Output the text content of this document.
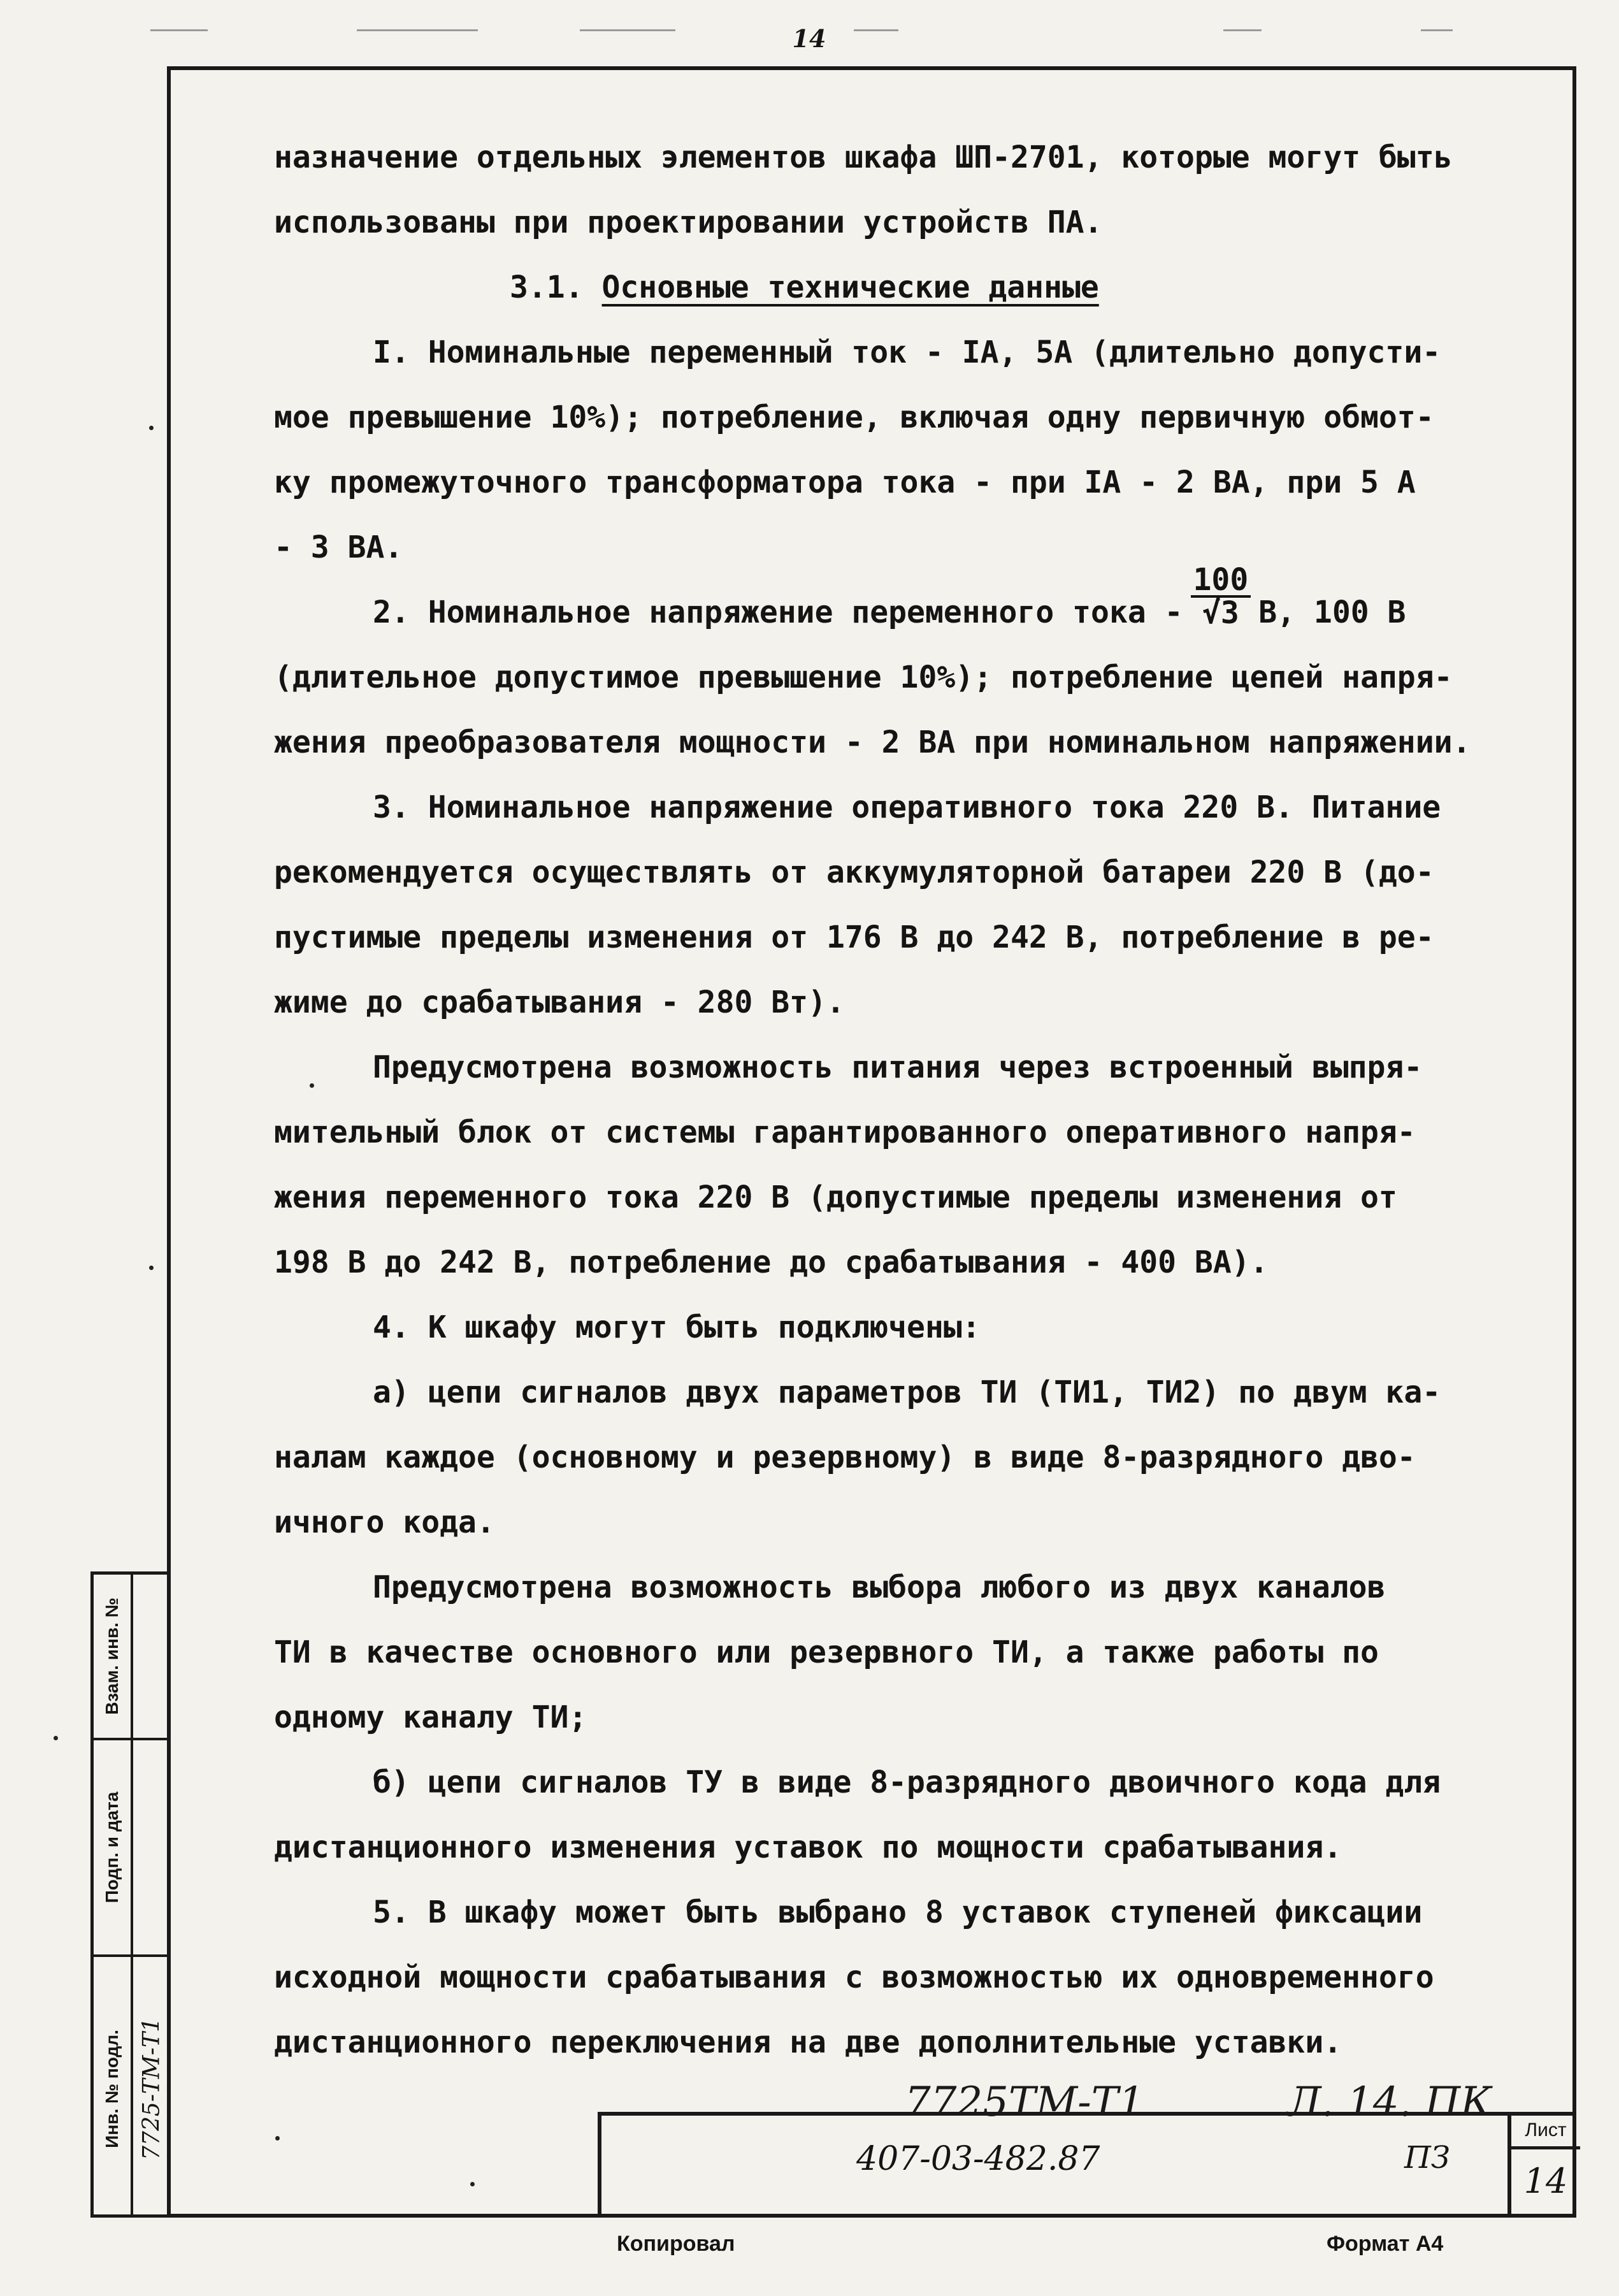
14
назначение отдельных элементов шкафа ШП-2701, которые могут быть
использованы при проектировании устройств ПА.
3.1. Основные технические данные
I. Номинальные переменный ток - IA, 5А (длительно допусти-
мое превышение 10%); потребление, включая одну первичную обмот-
ку промежуточного трансформатора тока - при IA - 2 ВА, при 5 А
- 3 ВА.
2. Номинальное напряжение переменного тока - $\frac{100}{√3} В$, 100 В
(длительное допустимое превышение 10%); потребление цепей напря-
жения преобразователя мощности - 2 ВА при номинальном напряжении.
3. Номинальное напряжение оперативного тока 220 В. Питание
рекомендуется осуществлять от аккумуляторной батареи 220 В (до-
пустимые пределы изменения от 176 В до 242 В, потребление в ре-
жиме до срабатывания - 280 Вт).
Предусмотрена возможность питания через встроенный выпря-
мительный блок от системы гарантированного оперативного напря-
жения переменного тока 220 В (допустимые пределы изменения от
198 В до 242 В, потребление до срабатывания - 400 ВА).
4. К шкафу могут быть подключены:
а) цепи сигналов двух параметров ТИ (ТИ1, ТИ2) по двум ка-
налам каждое (основному и резервному) в виде 8-разрядного дво-
ичного кода.
Предусмотрена возможность выбора любого из двух каналов
ТИ в качестве основного или резервного ТИ, а также работы по
одному каналу ТИ;
б) цепи сигналов ТУ в виде 8-разрядного двоичного кода для
дистанционного изменения уставок по мощности срабатывания.
5. В шкафу может быть выбрано 8 уставок ступеней фиксации
исходной мощности срабатывания с возможностью их одновременного
дистанционного переключения на две дополнительные уставки.
7725ТМ-Т1	Л. 14. ПК
407-03-482.87	ПЗ
Лист
14
Копировал	Формат А4
Взам. инв. №
Подп. и дата
Инв. № подл. 7725-ТМ-Т1
